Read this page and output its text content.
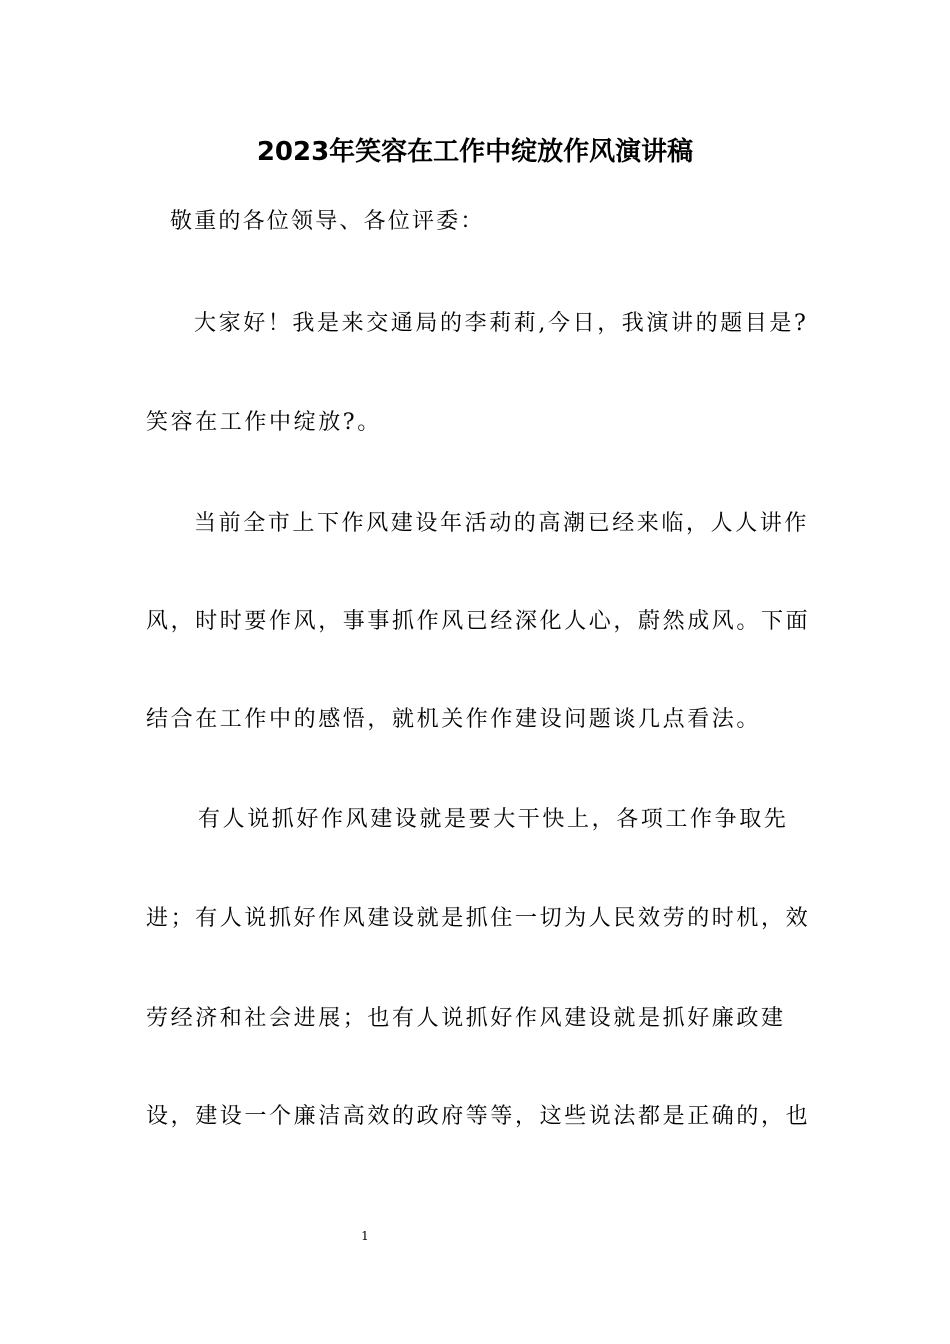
2023年笑容在工作中绽放作风演讲稿
敬重的各位领导、各位评委：
大家好！我是来交通局的李莉莉,今日，我演讲的题目是?
笑容在工作中绽放?。
当前全市上下作风建设年活动的高潮已经来临，人人讲作
风，时时要作风，事事抓作风已经深化人心，蔚然成风。下面
结合在工作中的感悟，就机关作作建设问题谈几点看法。
有人说抓好作风建设就是要大干快上，各项工作争取先
进；有人说抓好作风建设就是抓住一切为人民效劳的时机，效
劳经济和社会进展；也有人说抓好作风建设就是抓好廉政建
设，建设一个廉洁高效的政府等等，这些说法都是正确的，也
1
